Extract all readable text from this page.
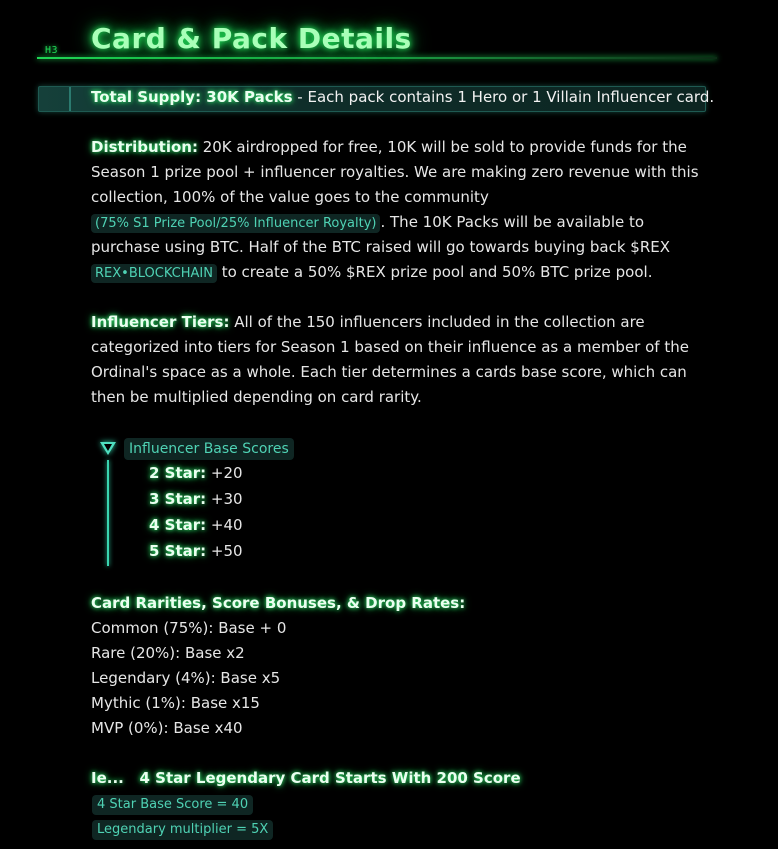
H3 Card & Pack Details
Total Supply: 30K Packs - Each pack contains 1 Hero or 1 Villain Influencer card.
Distribution: 20K airdropped for free, 10K will be sold to provide funds for the Season 1 prize pool + influencer royalties. We are making zero revenue with this collection, 100% of the value goes to the community (75% S1 Prize Pool/25% Influencer Royalty) . The 10K Packs will be available to purchase using BTC. Half of the BTC raised will go towards buying back $REX REX•BLOCKCHAIN to create a 50% $REX prize pool and 50% BTC prize pool.
Influencer Tiers: All of the 150 influencers included in the collection are categorized into tiers for Season 1 based on their influence as a member of the Ordinal's space as a whole. Each tier determines a cards base score, which can then be multiplied depending on card rarity.
Influencer Base Scores
2 Star: +20
3 Star: +30
4 Star: +40
5 Star: +50
Card Rarities, Score Bonuses, & Drop Rates:
Common (75%): Base + 0
Rare (20%): Base x2
Legendary (4%): Base x5
Mythic (1%): Base x15
MVP (0%): Base x40
Ie...   4 Star Legendary Card Starts With 200 Score
4 Star Base Score = 40
Legendary multiplier = 5X
